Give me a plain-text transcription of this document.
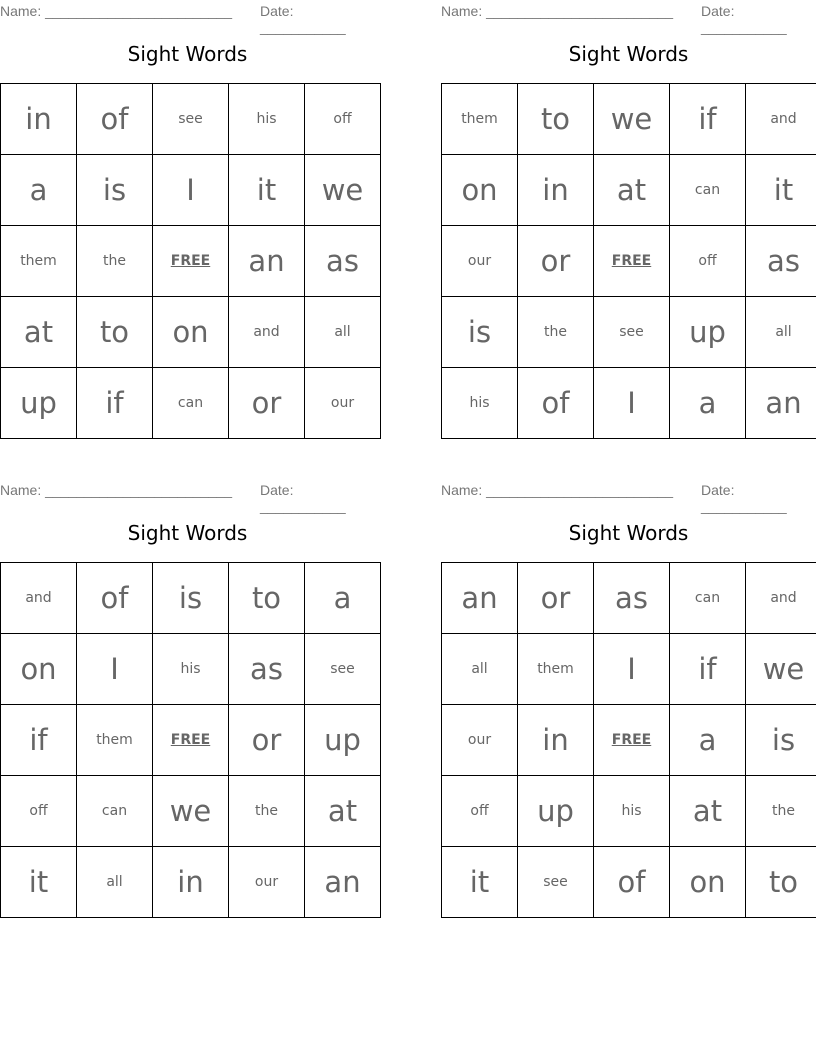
Name: ________________________ Date: ___________
Sight Words
in	of	see	his	off
a	is	I	it	we
them	the	FREE	an	as
at	to	on	and	all
up	if	can	or	our
Name: ________________________ Date: ___________
Sight Words
them	to	we	if	and
on	in	at	can	it
our	or	FREE	off	as
is	the	see	up	all
his	of	I	a	an
Name: ________________________ Date: ___________
Sight Words
and	of	is	to	a
on	I	his	as	see
if	them	FREE	or	up
off	can	we	the	at
it	all	in	our	an
Name: ________________________ Date: ___________
Sight Words
an	or	as	can	and
all	them	I	if	we
our	in	FREE	a	is
off	up	his	at	the
it	see	of	on	to
